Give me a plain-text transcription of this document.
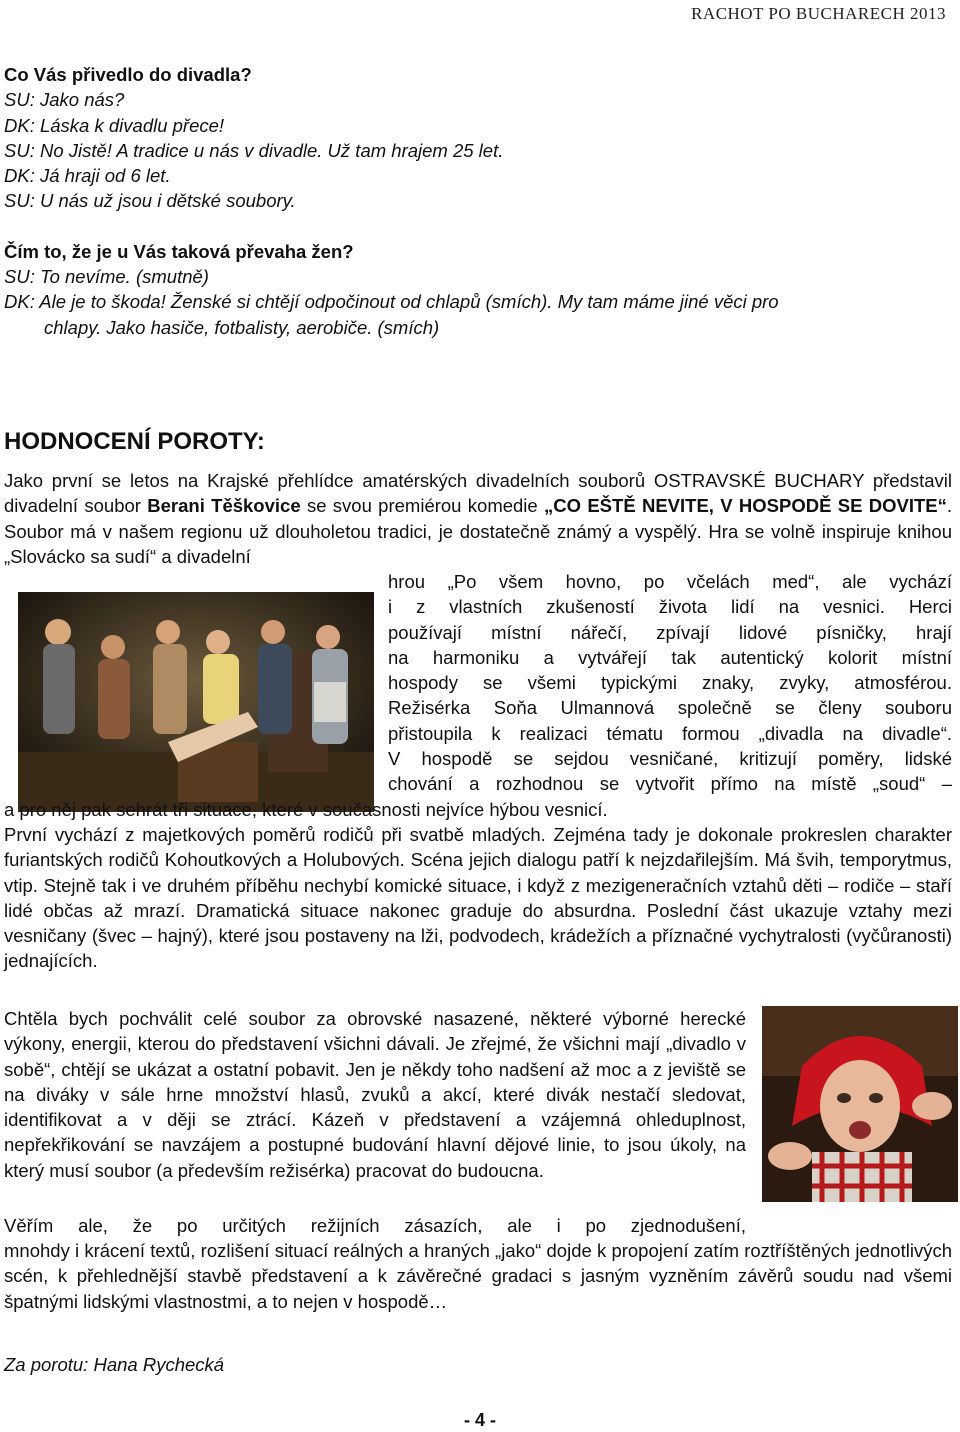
RACHOT PO BUCHARECH 2013
Co Vás přivedlo do divadla?
SU: Jako nás?
DK: Láska k divadlu přece!
SU: No Jistě! A tradice u nás v divadle. Už tam hrajem 25 let.
DK: Já hraji od 6 let.
SU: U nás už jsou i dětské soubory.
Čím to, že je u Vás taková převaha žen?
SU: To nevíme. (smutně)
DK: Ale je to škoda! Ženské si chtějí odpočinout od chlapů (smích). My tam máme jiné věci pro
chlapy. Jako hasiče, fotbalisty, aerobiče. (smích)
HODNOCENÍ POROTY:
Jako první se letos na Krajské přehlídce amatérských divadelních souborů OSTRAVSKÉ BUCHARY představil divadelní soubor Berani Těškovice se svou premiérou komedie „CO EŠTĚ NEVITE, V HOSPODĚ SE DOVITE“. Soubor má v našem regionu už dlouholetou tradici, je dostatečně známý a vyspělý. Hra se volně inspiruje knihou „Slovácko sa sudí“ a divadelní
hrou „Po všem hovno, po včelách med“, ale vychází
i z vlastních zkušeností života lidí na vesnici. Herci
používají místní nářečí, zpívají lidové písničky, hrají
na harmoniku a vytvářejí tak autentický kolorit místní
hospody se všemi typickými znaky, zvyky, atmosférou.
Režisérka Soňa Ulmannová společně se členy souboru
přistoupila k realizaci tématu formou „divadla na divadle“.
V hospodě se sejdou vesničané, kritizují poměry, lidské
chování a rozhodnou se vytvořit přímo na místě „soud“ –
a pro něj pak sehrát tři situace, které v současnosti nejvíce hýbou vesnicí.
První vychází z majetkových poměrů rodičů při svatbě mladých. Zejména tady je dokonale prokreslen charakter furiantských rodičů Kohoutkových a Holubových. Scéna jejich dialogu patří k nejzdařilejším. Má švih, temporytmus, vtip. Stejně tak i ve druhém příběhu nechybí komické situace, i když z mezigeneračních vztahů děti – rodiče – staří lidé občas až mrazí. Dramatická situace nakonec graduje do absurdna. Poslední část ukazuje vztahy mezi vesničany (švec – hajný), které jsou postaveny na lži, podvodech, krádežích a příznačné vychytralosti (vyčůranosti) jednajících.
Chtěla bych pochválit celé soubor za obrovské nasazené, některé výborné herecké výkony, energii, kterou do představení všichni dávali. Je zřejmé, že všichni mají „divadlo v sobě“, chtějí se ukázat a ostatní pobavit. Jen je někdy toho nadšení až moc a z jeviště se na diváky v sále hrne množství hlasů, zvuků a akcí, které divák nestačí sledovat, identifikovat a v ději se ztrácí. Kázeň v představení a vzájemná ohleduplnost, nepřekřikování se navzájem a postupné budování hlavní dějové linie, to jsou úkoly, na který musí soubor (a především režisérka) pracovat do budoucna.
Věřím ale, že po určitých režijních zásazích, ale i po zjednodušení,
mnohdy i krácení textů, rozlišení situací reálných a hraných „jako“ dojde k propojení zatím roztříštěných jednotlivých scén, k přehlednější stavbě představení a k závěrečné gradaci s jasným vyzněním závěrů soudu nad všemi špatnými lidskými vlastnostmi, a to nejen v hospodě…
Za porotu: Hana Rychecká
- 4 -
